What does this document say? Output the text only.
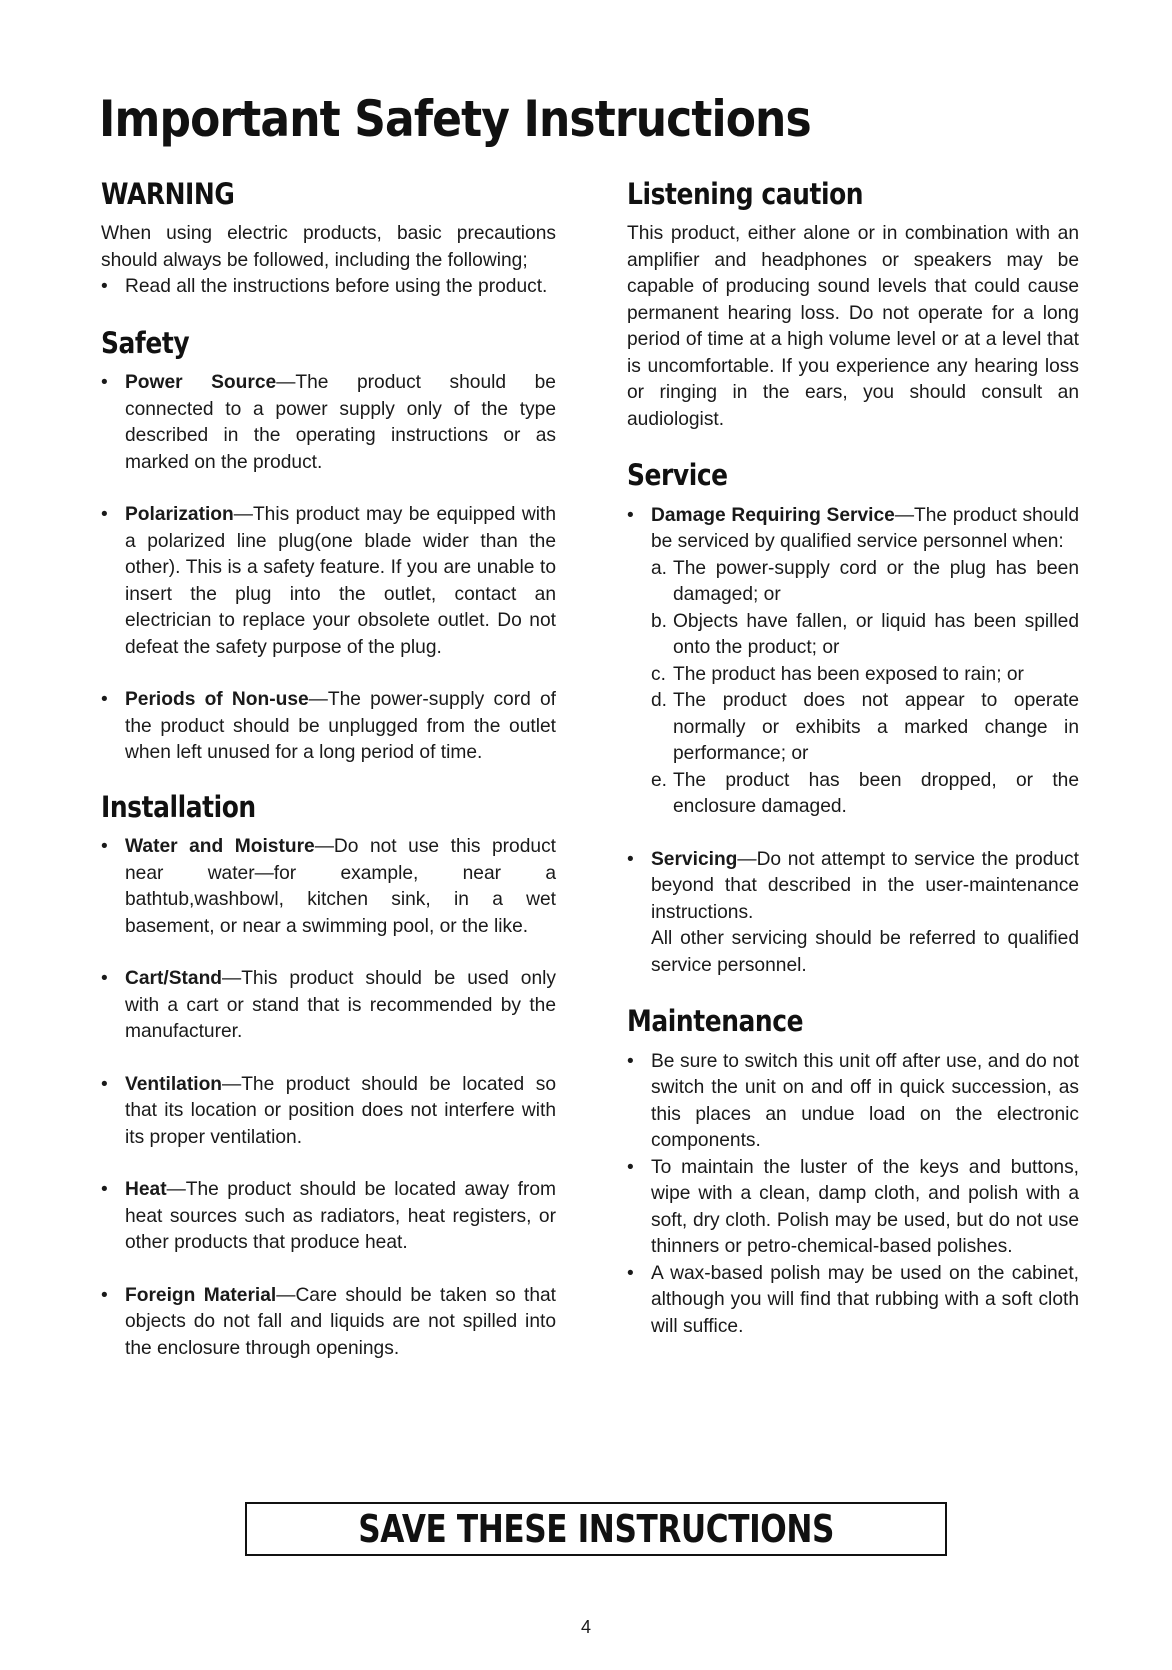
Important Safety Instructions
WARNING

When using electric products, basic precautions should always be followed, including the following;

• Read all the instructions before using the product.
Safety
• Power Source—The product should be connected to a power supply only of the type described in the operating instructions or as marked on the product.
• Polarization—This product may be equipped with a polarized line plug(one blade wider than the other). This is a safety feature. If you are unable to insert the plug into the outlet, contact an electrician to replace your obsolete outlet. Do not defeat the safety purpose of the plug.
• Periods of Non-use—The power-supply cord of the product should be unplugged from the outlet when left unused for a long period of time.
Installation
• Water and Moisture—Do not use this product near water—for example, near a bathtub,washbowl, kitchen sink, in a wet basement, or near a swimming pool, or the like.
• Cart/Stand—This product should be used only with a cart or stand that is recommended by the manufacturer.
• Ventilation—The product should be located so that its location or position does not interfere with its proper ventilation.
• Heat—The product should be located away from heat sources such as radiators, heat registers, or other products that produce heat.
• Foreign Material—Care should be taken so that objects do not fall and liquids are not spilled into the enclosure through openings.
Listening caution

This product, either alone or in combination with an amplifier and headphones or speakers may be capable of producing sound levels that could cause permanent hearing loss. Do not operate for a long period of time at a high volume level or at a level that is uncomfortable. If you experience any hearing loss or ringing in the ears, you should consult an audiologist.

Service
• Damage Requiring Service—The product should be serviced by qualified service personnel when:
a. The power-supply cord or the plug has been damaged; or
b. Objects have fallen, or liquid has been spilled onto the product; or
c. The product has been exposed to rain; or
d. The product does not appear to operate normally or exhibits a marked change in performance; or
e. The product has been dropped, or the enclosure damaged.
• Servicing—Do not attempt to service the product beyond that described in the user-maintenance instructions.
All other servicing should be referred to qualified service personnel.
Maintenance
• Be sure to switch this unit off after use, and do not switch the unit on and off in quick succession, as this places an undue load on the electronic components.
• To maintain the luster of the keys and buttons, wipe with a clean, damp cloth, and polish with a soft, dry cloth. Polish may be used, but do not use thinners or petro-chemical-based polishes.
• A wax-based polish may be used on the cabinet, although you will find that rubbing with a soft cloth will suffice.
SAVE THESE INSTRUCTIONS
4
